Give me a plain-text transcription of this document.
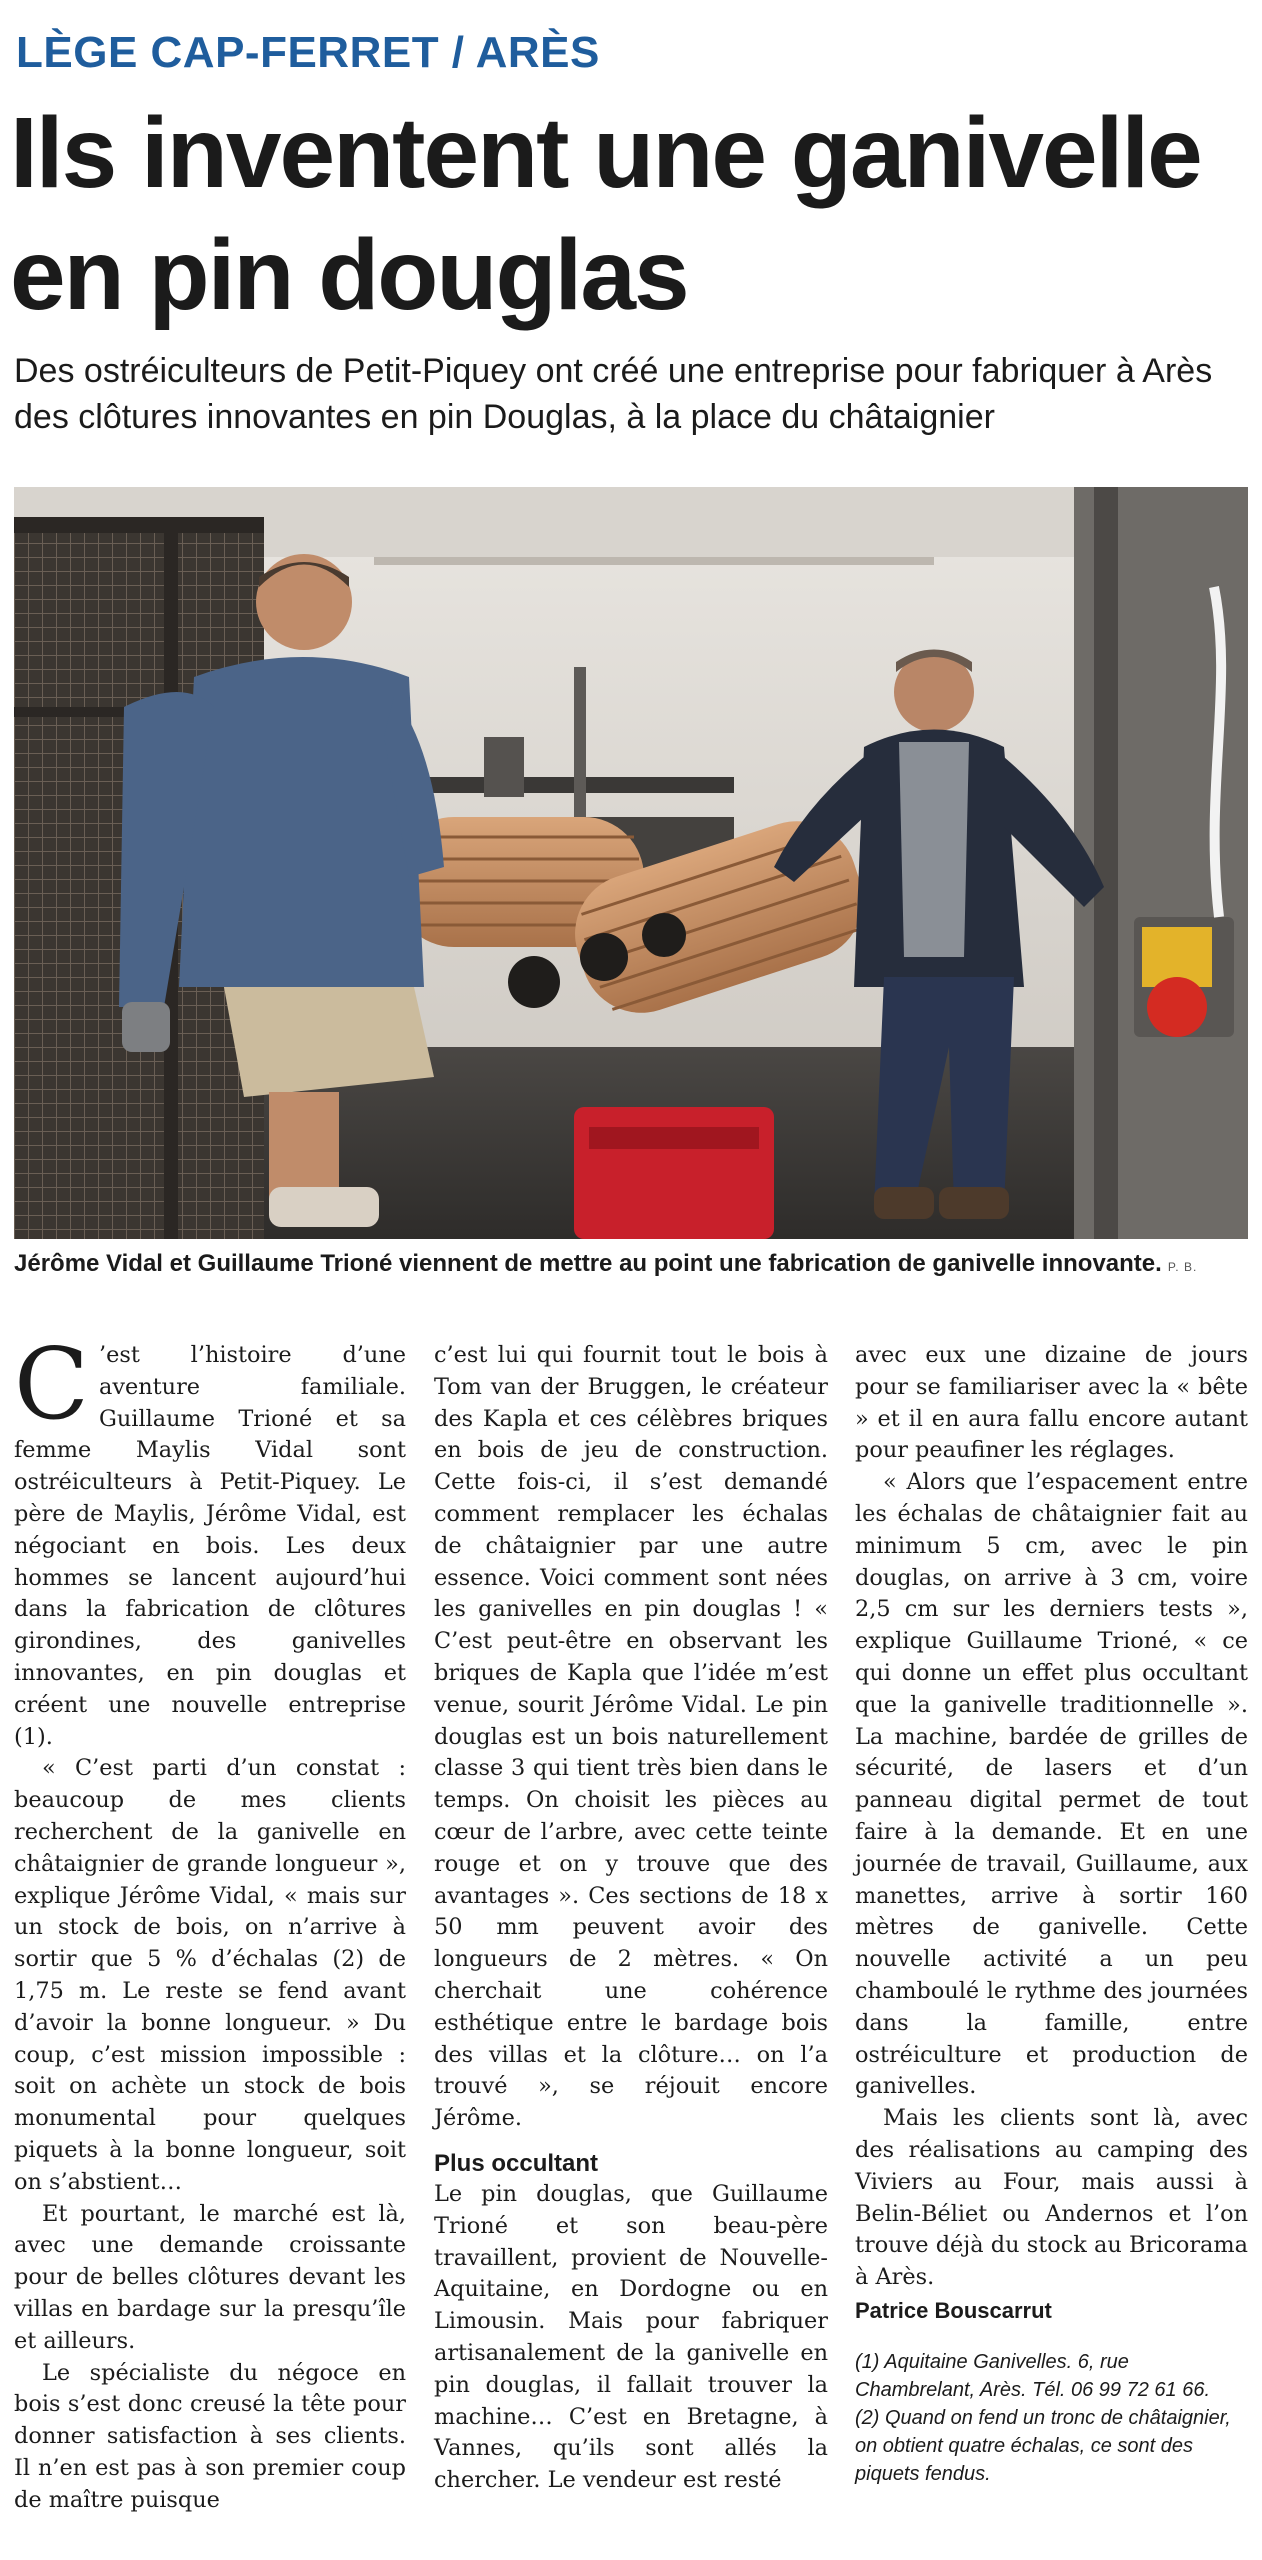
LÈGE CAP-FERRET / ARÈS
Ils inventent une ganivelle en pin douglas

Des ostréiculteurs de Petit-Piquey ont créé une entreprise pour fabriquer à Arès des clôtures innovantes en pin Douglas, à la place du châtaignier

Jérôme Vidal et Guillaume Trioné viennent de mettre au point une fabrication de ganivelle innovante. P. B.

C ’est l’histoire d’une aventure familiale. Guillaume Trioné et sa femme Maylis Vidal sont ostréiculteurs à Petit-Piquey. Le père de Maylis, Jérôme Vidal, est négociant en bois. Les deux hommes se lancent aujourd’hui dans la fabrication de clôtures girondines, des ganivelles innovantes, en pin douglas et créent une nouvelle entreprise (1).

« C’est parti d’un constat : beaucoup de mes clients recherchent de la ganivelle en châtaignier de grande longueur », explique Jérôme Vidal, « mais sur un stock de bois, on n’arrive à sortir que 5 % d’échalas (2) de 1,75 m. Le reste se fend avant d’avoir la bonne longueur. » Du coup, c’est mission impossible : soit on achète un stock de bois monumental pour quelques piquets à la bonne longueur, soit on s’abstient…

Et pourtant, le marché est là, avec une demande croissante pour de belles clôtures devant les villas en bardage sur la presqu’île et ailleurs.

Le spécialiste du négoce en bois s’est donc creusé la tête pour donner satisfaction à ses clients. Il n’en est pas à son premier coup de maître puisque

c’est lui qui fournit tout le bois à Tom van der Bruggen, le créateur des Kapla et ces célèbres briques en bois de jeu de construction. Cette fois-ci, il s’est demandé comment remplacer les échalas de châtaignier par une autre essence. Voici comment sont nées les ganivelles en pin douglas ! « C’est peut-être en observant les briques de Kapla que l’idée m’est venue, sourit Jérôme Vidal. Le pin douglas est un bois naturellement classe 3 qui tient très bien dans le temps. On choisit les pièces au cœur de l’arbre, avec cette teinte rouge et on y trouve que des avantages ». Ces sections de 18 x 50 mm peuvent avoir des longueurs de 2 mètres. « On cherchait une cohérence esthétique entre le bardage bois des villas et la clôture… on l’a trouvé », se réjouit encore Jérôme.

Plus occultant

Le pin douglas, que Guillaume Trioné et son beau-père travaillent, provient de Nouvelle-Aquitaine, en Dordogne ou en Limousin. Mais pour fabriquer artisanalement de la ganivelle en pin douglas, il fallait trouver la machine… C’est en Bretagne, à Vannes, qu’ils sont allés la chercher. Le vendeur est resté

avec eux une dizaine de jours pour se familiariser avec la « bête » et il en aura fallu encore autant pour peaufiner les réglages.

« Alors que l’espacement entre les échalas de châtaignier fait au minimum 5 cm, avec le pin douglas, on arrive à 3 cm, voire 2,5 cm sur les derniers tests », explique Guillaume Trioné, « ce qui donne un effet plus occultant que la ganivelle traditionnelle ». La machine, bardée de grilles de sécurité, de lasers et d’un panneau digital permet de tout faire à la demande. Et en une journée de travail, Guillaume, aux manettes, arrive à sortir 160 mètres de ganivelle. Cette nouvelle activité a un peu chamboulé le rythme des journées dans la famille, entre ostréiculture et production de ganivelles.

Mais les clients sont là, avec des réalisations au camping des Viviers au Four, mais aussi à Belin-Béliet ou Andernos et l’on trouve déjà du stock au Bricorama à Arès.

Patrice Bouscarrut

(1) Aquitaine Ganivelles. 6, rue Chambrelant, Arès. Tél. 06 99 72 61 66.

(2) Quand on fend un tronc de châtaignier, on obtient quatre échalas, ce sont des piquets fendus.
